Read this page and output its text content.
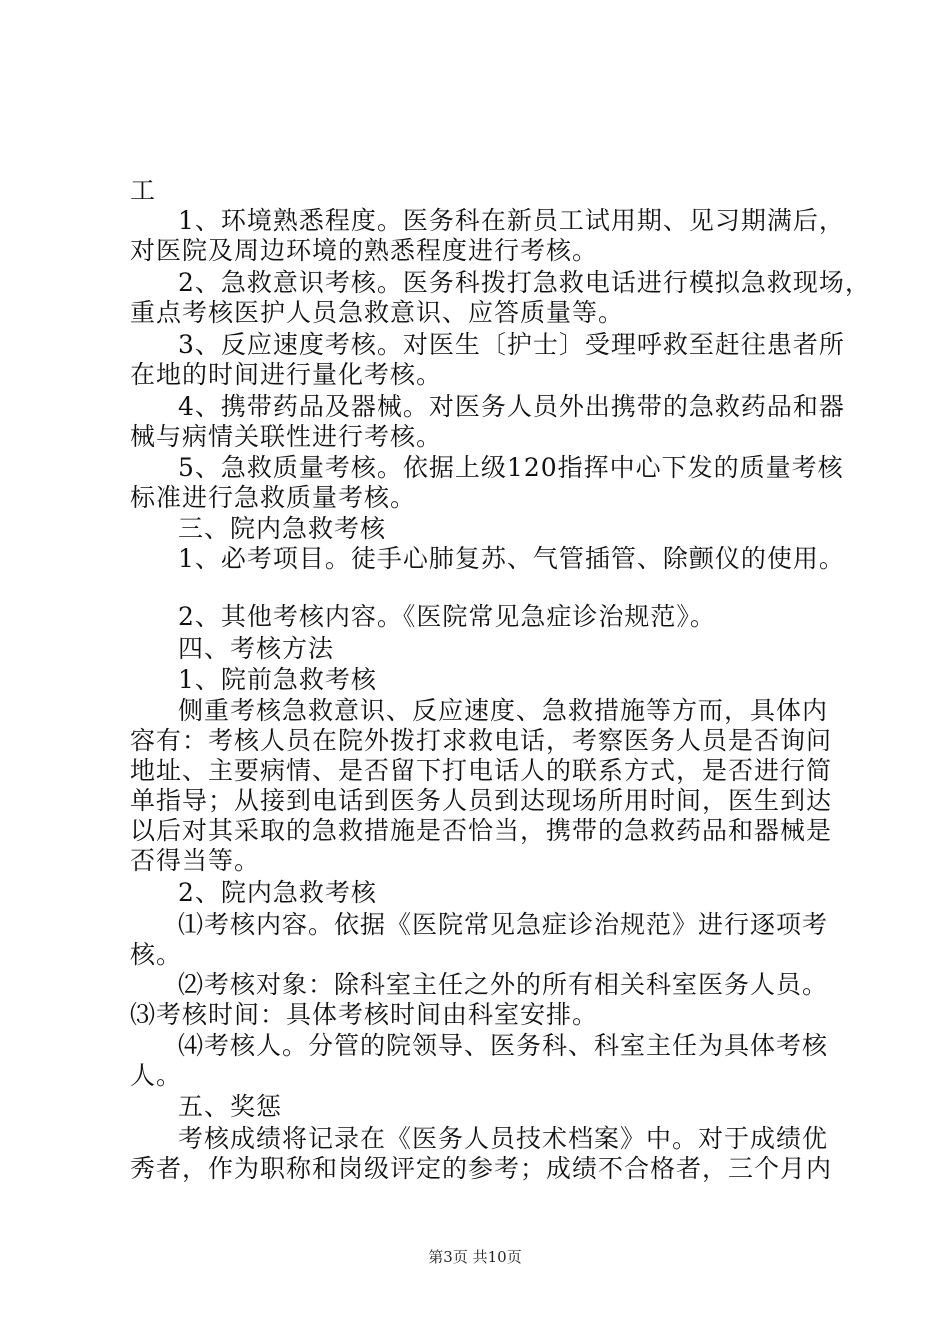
工
1、环境熟悉程度。医务科在新员工试用期、见习期满后，
对医院及周边环境的熟悉程度进行考核。
2、急救意识考核。医务科拨打急救电话进行模拟急救现场，
重点考核医护人员急救意识、应答质量等。
3、反应速度考核。对医生〔护士〕受理呼救至赶往患者所
在地的时间进行量化考核。
4、携带药品及器械。对医务人员外出携带的急救药品和器
械与病情关联性进行考核。
5、急救质量考核。依据上级120指挥中心下发的质量考核
标准进行急救质量考核。
三、院内急救考核
1、必考项目。徒手心肺复苏、气管插管、除颤仪的使用。
2、其他考核内容。《医院常见急症诊治规范》。
四、考核方法
1、院前急救考核
侧重考核急救意识、反应速度、急救措施等方而，具体内
容有：考核人员在院外拨打求救电话，考察医务人员是否询问
地址、主要病情、是否留下打电话人的联系方式，是否进行简
单指导；从接到电话到医务人员到达现场所用时间，医生到达
以后对其采取的急救措施是否恰当，携带的急救药品和器械是
否得当等。
2、院内急救考核
⑴考核内容。依据《医院常见急症诊治规范》进行逐项考
核。
⑵考核对象：除科室主任之外的所有相关科室医务人员。
⑶考核时间：具体考核时间由科室安排。
⑷考核人。分管的院领导、医务科、科室主任为具体考核
人。
五、奖惩
考核成绩将记录在《医务人员技术档案》中。对于成绩优
秀者，作为职称和岗级评定的参考；成绩不合格者，三个月内
第3页 共10页
